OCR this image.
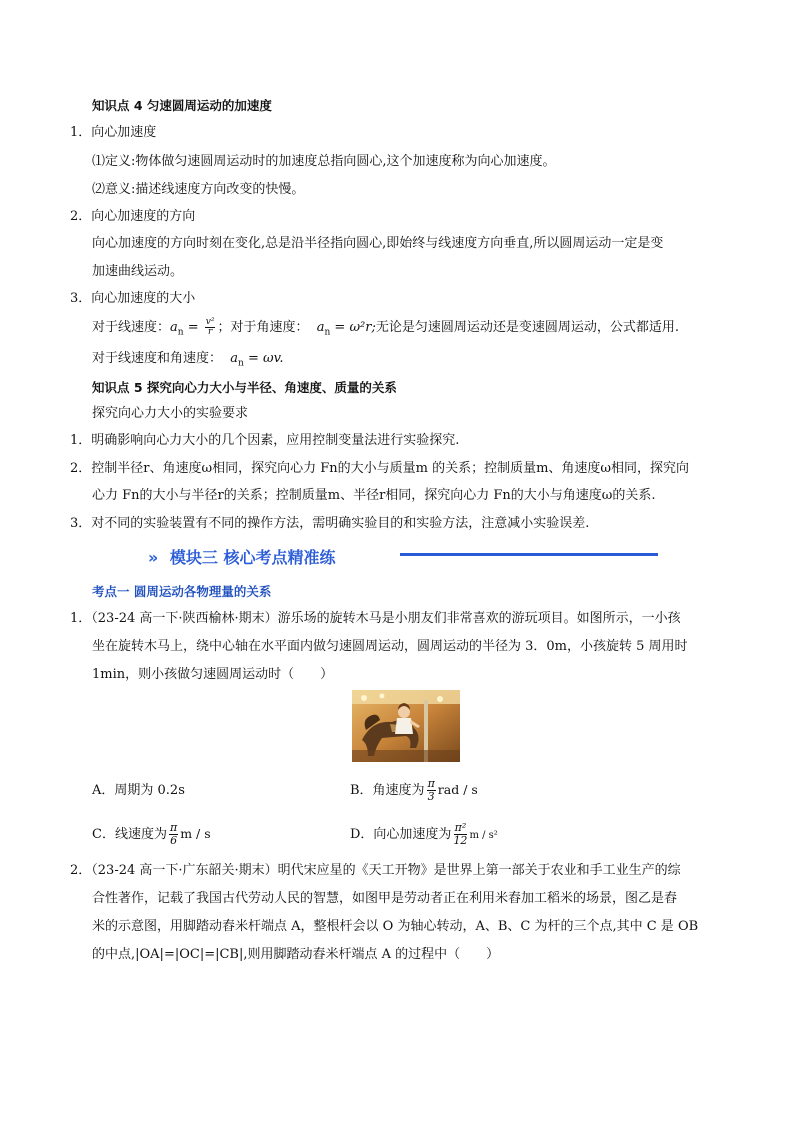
知识点 4 匀速圆周运动的加速度
1．向心加速度
⑴定义:物体做匀速圆周运动时的加速度总指向圆心,这个加速度称为向心加速度。
⑵意义:描述线速度方向改变的快慢。
2．向心加速度的方向
向心加速度的方向时刻在变化,总是沿半径指向圆心,即始终与线速度方向垂直,所以圆周运动一定是变
加速曲线运动。
3．向心加速度的大小
对于线速度：$a_n = \frac{\text{v²}}{r}$ ；对于角速度： $a_n = \omega^2r$;无论是匀速圆周运动还是变速圆周运动，公式都适用.
对于线速度和角速度： $a_n = \omega v$.
知识点 5 探究向心力大小与半径、角速度、质量的关系
探究向心力大小的实验要求
1．明确影响向心力大小的几个因素，应用控制变量法进行实验探究.
2．控制半径r、角速度ω相同，探究向心力 Fn的大小与质量m 的关系；控制质量m、角速度ω相同，探究向
心力 Fn的大小与半径r的关系；控制质量m、半径r相同，探究向心力 Fn的大小与角速度ω的关系.
3．对不同的实验装置有不同的操作方法，需明确实验目的和实验方法，注意减小实验误差.
» 模块三 核心考点精准练
考点一 圆周运动各物理量的关系
1．（23-24 高一下·陕西榆林·期末）游乐场的旋转木马是小朋友们非常喜欢的游玩项目。如图所示，一小孩
坐在旋转木马上，绕中心轴在水平面内做匀速圆周运动，圆周运动的半径为 3．0m，小孩旋转 5 周用时
1min，则小孩做匀速圆周运动时（　　）
A．周期为 0.2s	B．角速度为 $\frac{\pi}{3}$ rad / s
C．线速度为 $\frac{\pi}{6}$ m / s	D．向心加速度为 $\frac{\text{π²}}{12}$ m / s²
2．（23-24 高一下·广东韶关·期末）明代宋应星的《天工开物》是世界上第一部关于农业和手工业生产的综
合性著作，记载了我国古代劳动人民的智慧，如图甲是劳动者正在利用米舂加工稻米的场景，图乙是舂
米的示意图，用脚踏动舂米杆端点 A，整根杆会以 O 为轴心转动，A、B、C 为杆的三个点,其中 C 是 OB
的中点,|OA|=|OC|=|CB|,则用脚踏动舂米杆端点 A 的过程中（　　）
